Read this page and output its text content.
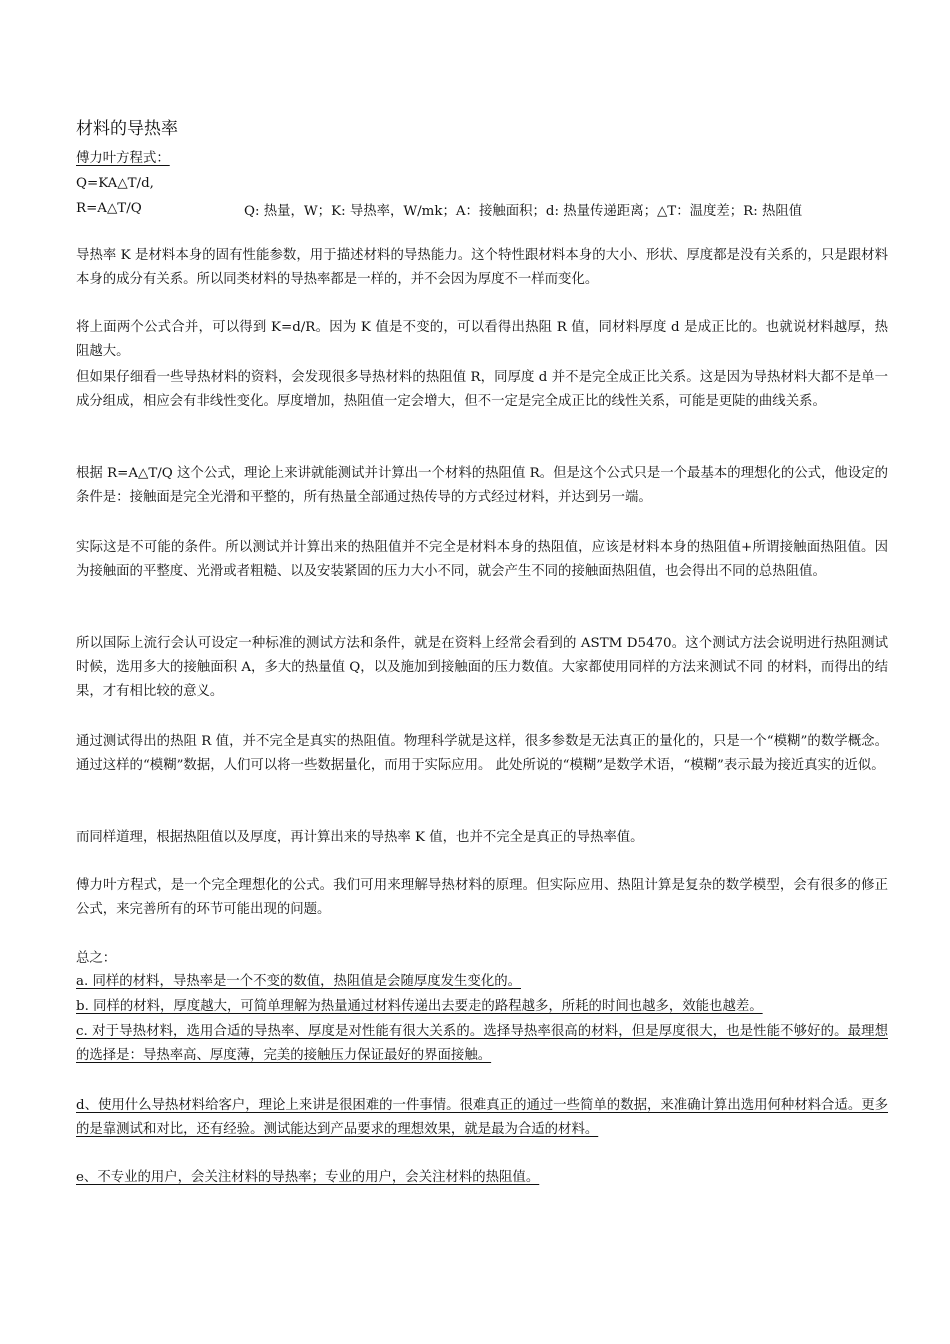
材料的导热率
傅力叶方程式：
Q=KA△T/d,
R=A△T/Q	Q: 热量，W；K: 导热率，W/mk；A：接触面积；d: 热量传递距离；△T：温度差；R: 热阻值

导热率 K 是材料本身的固有性能参数，用于描述材料的导热能力。这个特性跟材料本身的大小、形状、厚度都是没有关系的，只是跟材料本身的成分有关系。所以同类材料的导热率都是一样的，并不会因为厚度不一样而变化。

将上面两个公式合并，可以得到 K=d/R。因为 K 值是不变的，可以看得出热阻 R 值，同材料厚度 d 是成正比的。也就说材料越厚，热阻越大。

但如果仔细看一些导热材料的资料，会发现很多导热材料的热阻值 R，同厚度 d 并不是完全成正比关系。这是因为导热材料大都不是单一成分组成，相应会有非线性变化。厚度增加，热阻值一定会增大，但不一定是完全成正比的线性关系，可能是更陡的曲线关系。

根据 R=A△T/Q 这个公式，理论上来讲就能测试并计算出一个材料的热阻值 R。但是这个公式只是一个最基本的理想化的公式，他设定的条件是：接触面是完全光滑和平整的，所有热量全部通过热传导的方式经过材料，并达到另一端。

实际这是不可能的条件。所以测试并计算出来的热阻值并不完全是材料本身的热阻值，应该是材料本身的热阻值+所谓接触面热阻值。因为接触面的平整度、光滑或者粗糙、以及安装紧固的压力大小不同，就会产生不同的接触面热阻值，也会得出不同的总热阻值。

所以国际上流行会认可设定一种标准的测试方法和条件，就是在资料上经常会看到的 ASTM D5470。这个测试方法会说明进行热阻测试时候，选用多大的接触面积 A，多大的热量值 Q，以及施加到接触面的压力数值。大家都使用同样的方法来测试不同 的材料，而得出的结果，才有相比较的意义。

通过测试得出的热阻 R 值，并不完全是真实的热阻值。物理科学就是这样，很多参数是无法真正的量化的，只是一个“模糊”的数学概念。通过这样的“模糊”数据，人们可以将一些数据量化，而用于实际应用。 此处所说的“模糊”是数学术语，“模糊”表示最为接近真实的近似。

而同样道理，根据热阻值以及厚度，再计算出来的导热率 K 值，也并不完全是真正的导热率值。

傅力叶方程式，是一个完全理想化的公式。我们可用来理解导热材料的原理。但实际应用、热阻计算是复杂的数学模型，会有很多的修正公式，来完善所有的环节可能出现的问题。

总之：

a. 同样的材料，导热率是一个不变的数值，热阻值是会随厚度发生变化的。

b. 同样的材料，厚度越大，可简单理解为热量通过材料传递出去要走的路程越多，所耗的时间也越多，效能也越差。

c. 对于导热材料，选用合适的导热率、厚度是对性能有很大关系的。选择导热率很高的材料，但是厚度很大，也是性能不够好的。最理想的选择是：导热率高、厚度薄，完美的接触压力保证最好的界面接触。

d、使用什么导热材料给客户，理论上来讲是很困难的一件事情。很难真正的通过一些简单的数据，来准确计算出选用何种材料合适。更多的是靠测试和对比，还有经验。测试能达到产品要求的理想效果，就是最为合适的材料。

e、不专业的用户，会关注材料的导热率；专业的用户，会关注材料的热阻值。
